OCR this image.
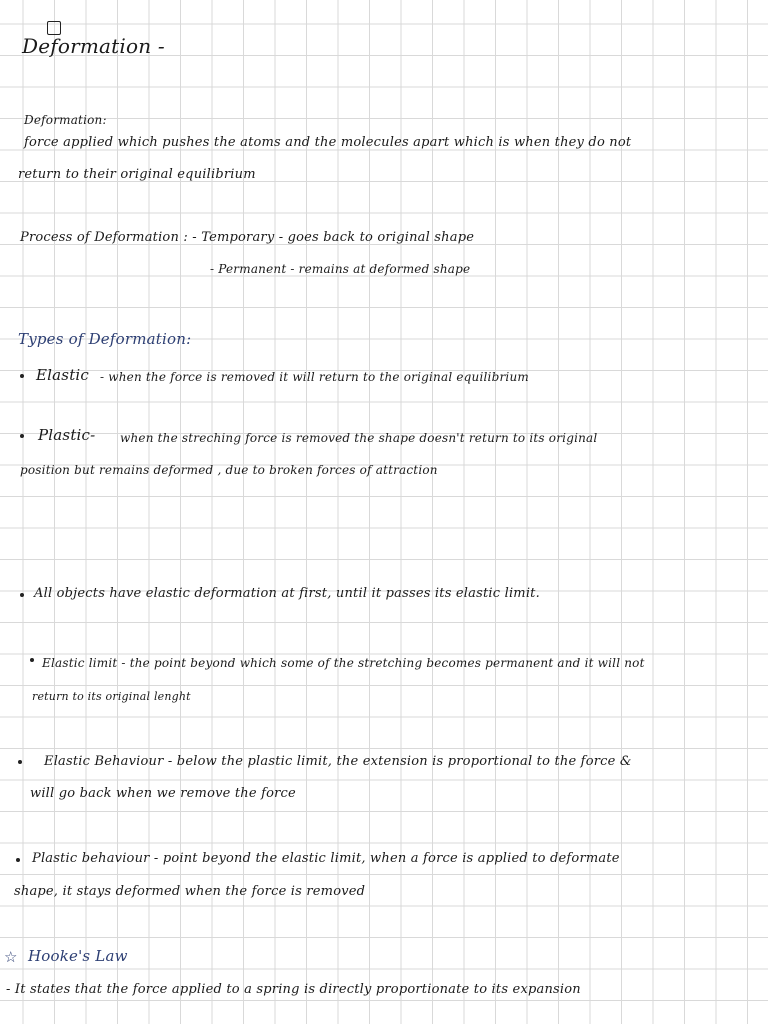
Deformation -
Deformation:
force applied which pushes the atoms and the molecules apart which is when they do not
return to their original equilibrium
Process of Deformation : - Temporary - goes back to original shape
- Permanent - remains at deformed shape
Types of Deformation:
Elastic - when the force is removed it will return to the original equilibrium
Plastic- when the streching force is removed the shape doesn't return to its original
position but remains deformed , due to broken forces of attraction
All objects have elastic deformation at first, until it passes its elastic limit.
Elastic limit - the point beyond which some of the stretching becomes permanent and it will not
return to its original lenght
Elastic Behaviour - below the plastic limit, the extension is proportional to the force &
will go back when we remove the force
Plastic behaviour - point beyond the elastic limit, when a force is applied to deformate
shape, it stays deformed when the force is removed
☆ Hooke's Law
- It states that the force applied to a spring is directly proportionate to its expansion
